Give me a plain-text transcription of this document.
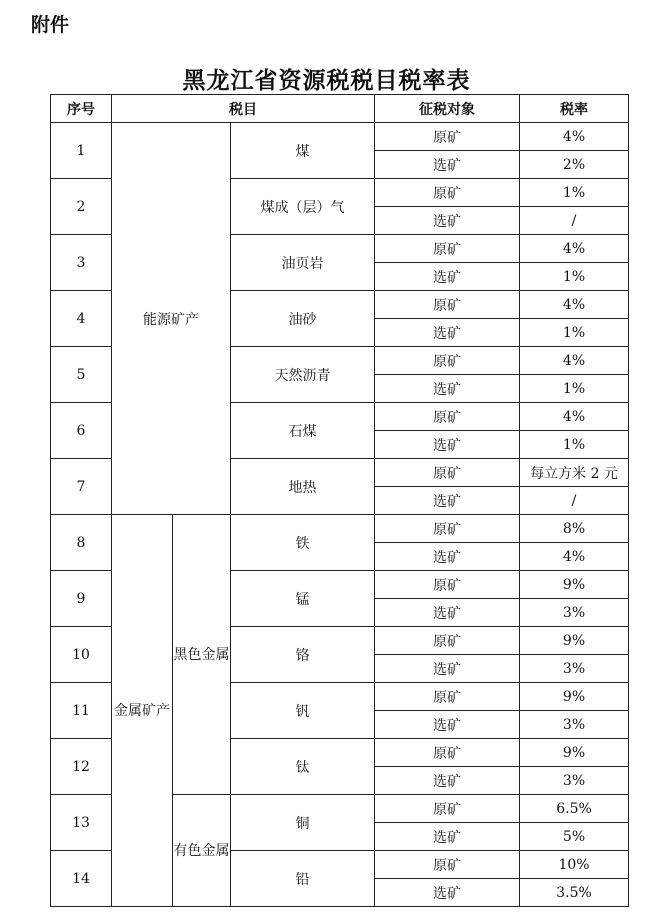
附件
黑龙江省资源税税目税率表
序号	税目			征税对象	税率
1	能源矿产		煤	原矿	4%
				选矿	2%
2			煤成（层）气	原矿	1%
				选矿	/
3			油页岩	原矿	4%
				选矿	1%
4			油砂	原矿	4%
				选矿	1%
5			天然沥青	原矿	4%
				选矿	1%
6			石煤	原矿	4%
				选矿	1%
7			地热	原矿	每立方米 2 元
				选矿	/
8	金属矿产	黑色金属	铁	原矿	8%
				选矿	4%
9			锰	原矿	9%
				选矿	3%
10			铬	原矿	9%
				选矿	3%
11			钒	原矿	9%
				选矿	3%
12			钛	原矿	9%
				选矿	3%
13		有色金属	铜	原矿	6.5%
				选矿	5%
14			铅	原矿	10%
				选矿	3.5%
